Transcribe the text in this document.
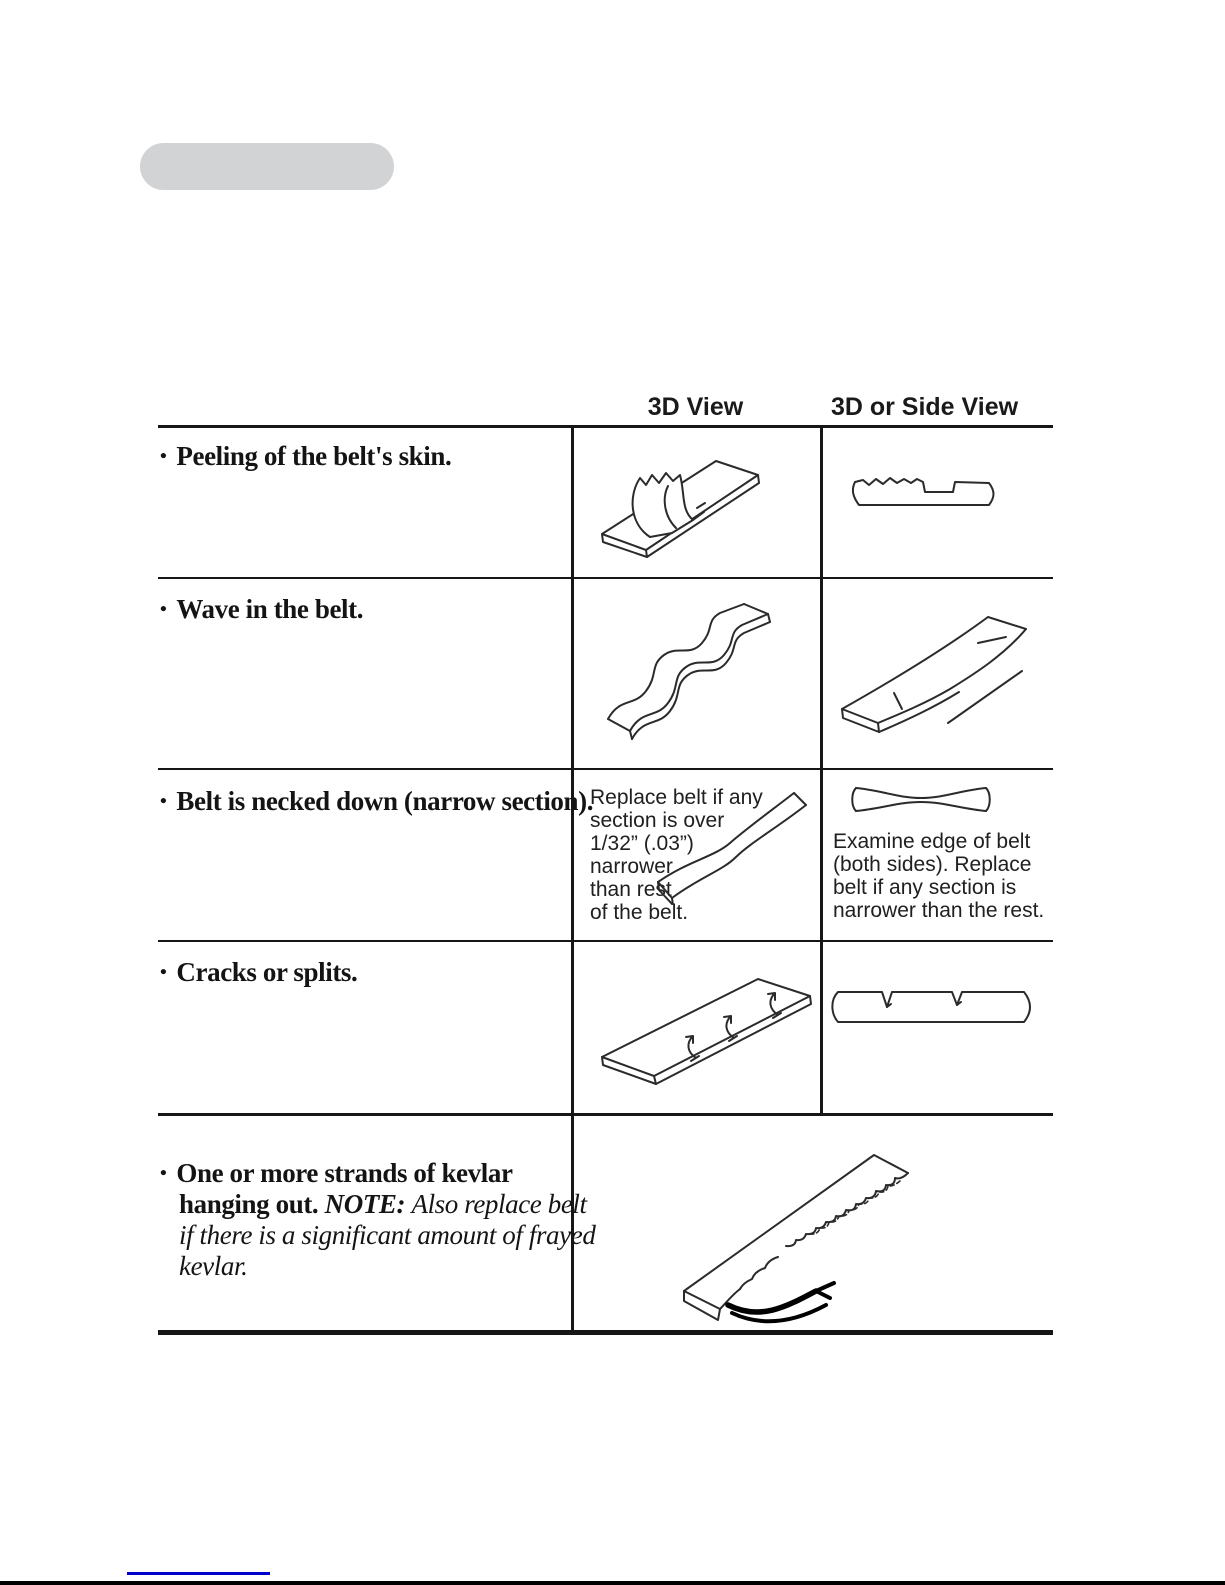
3D View	3D or Side View
• Peeling of the belt's skin.
• Wave in the belt.
• Belt is necked down (narrow section).
Replace belt if any
section is over
1/32” (.03”)
narrower
than rest
of the belt.
Examine edge of belt
(both sides). Replace
belt if any section is
narrower than the rest.
• Cracks or splits.
• One or more strands of kevlar
hanging out. NOTE: Also replace belt
if there is a significant amount of frayed
kevlar.
